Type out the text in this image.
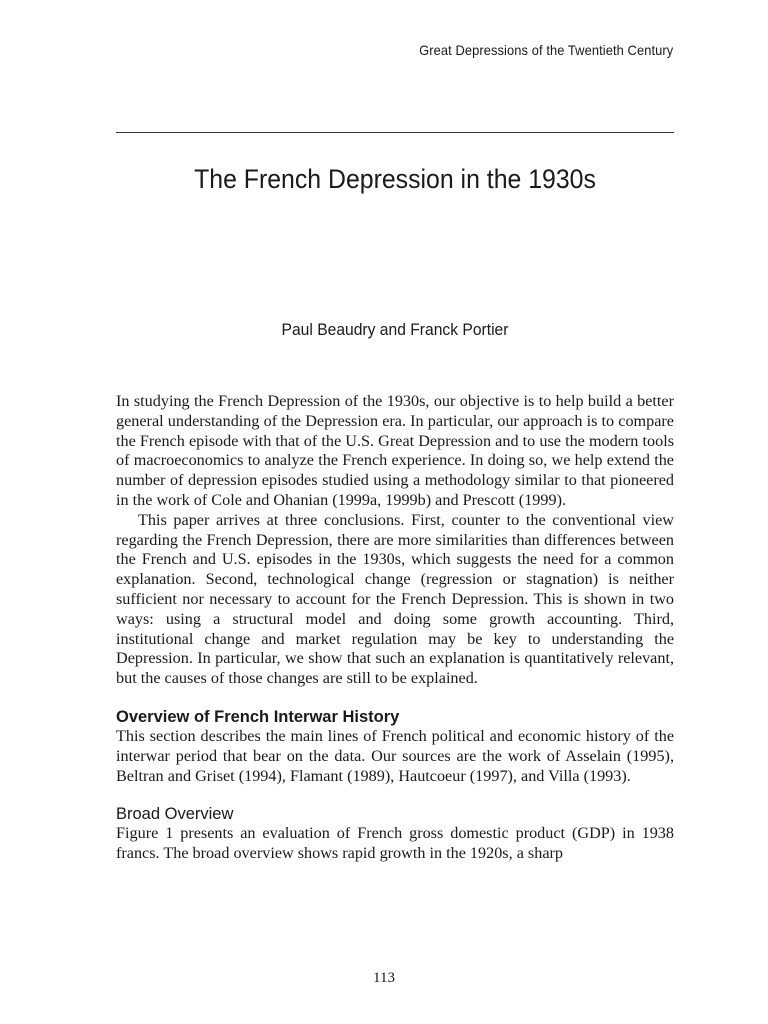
Great Depressions of the Twentieth Century
The French Depression in the 1930s
Paul Beaudry and Franck Portier

In studying the French Depression of the 1930s, our objective is to help build a better general understanding of the Depression era. In particular, our approach is to compare the French episode with that of the U.S. Great Depression and to use the modern tools of macroeconomics to analyze the French experience. In doing so, we help extend the number of depression episodes studied using a methodology similar to that pioneered in the work of Cole and Ohanian (1999a, 1999b) and Prescott (1999).

This paper arrives at three conclusions. First, counter to the conventional view regarding the French Depression, there are more similarities than differences between the French and U.S. episodes in the 1930s, which suggests the need for a common explanation. Second, technological change (regression or stagnation) is neither sufficient nor necessary to account for the French Depression. This is shown in two ways: using a structural model and doing some growth accounting. Third, institutional change and market regulation may be key to understanding the Depression. In particular, we show that such an explanation is quantitatively relevant, but the causes of those changes are still to be explained.

Overview of French Interwar History

This section describes the main lines of French political and economic history of the interwar period that bear on the data. Our sources are the work of Asselain (1995), Beltran and Griset (1994), Flamant (1989), Hautcoeur (1997), and Villa (1993).

Broad Overview

Figure 1 presents an evaluation of French gross domestic product (GDP) in 1938 francs. The broad overview shows rapid growth in the 1920s, a sharp

113
